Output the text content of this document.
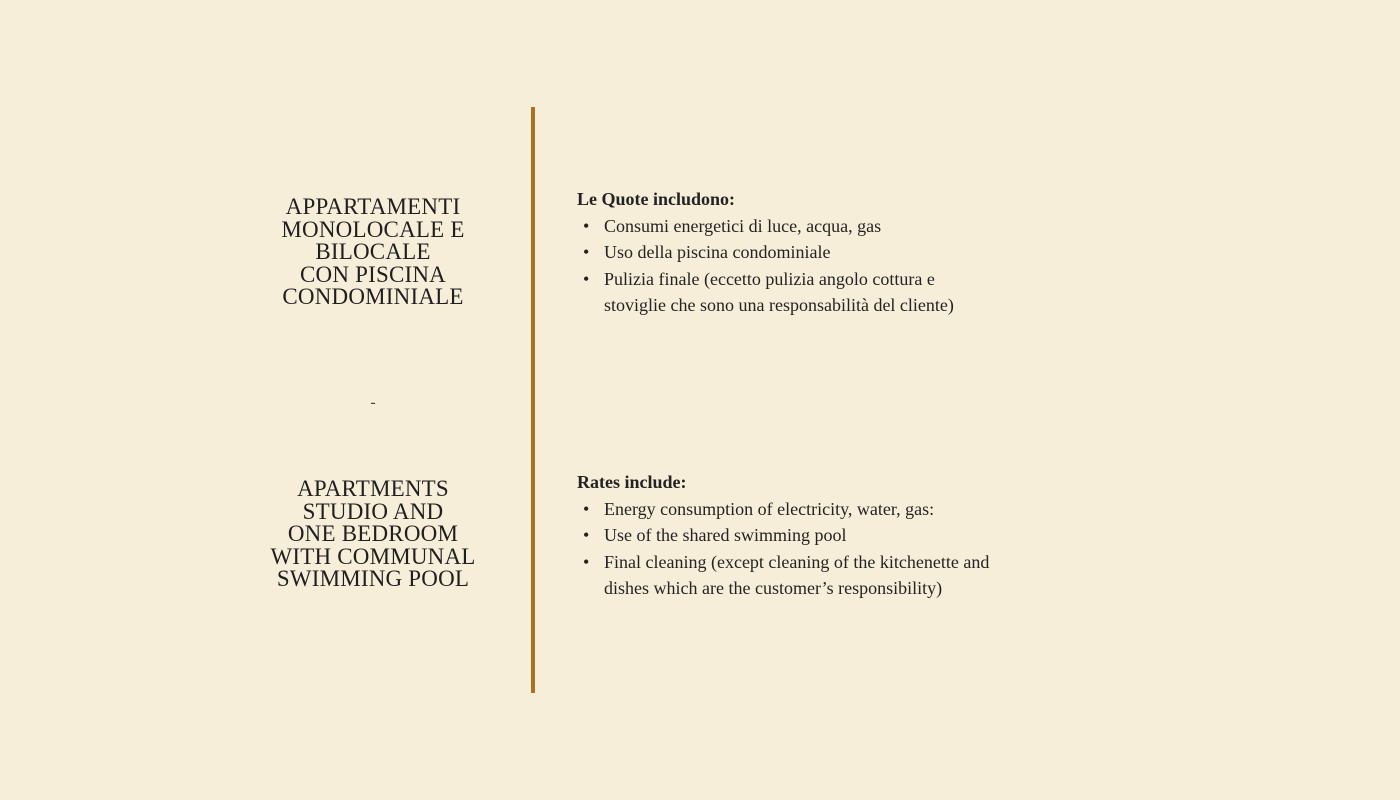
APPARTAMENTI
MONOLOCALE E
BILOCALE
CON PISCINA
CONDOMINIALE
-
APARTMENTS
STUDIO AND
ONE BEDROOM
WITH COMMUNAL
SWIMMING POOL
Le Quote includono:
• Consumi energetici di luce, acqua, gas
• Uso della piscina condominiale
• Pulizia finale (eccetto pulizia angolo cottura e
stoviglie che sono una responsabilità del cliente)
Rates include:
• Energy consumption of electricity, water, gas:
• Use of the shared swimming pool
• Final cleaning (except cleaning of the kitchenette and
dishes which are the customer’s responsibility)
